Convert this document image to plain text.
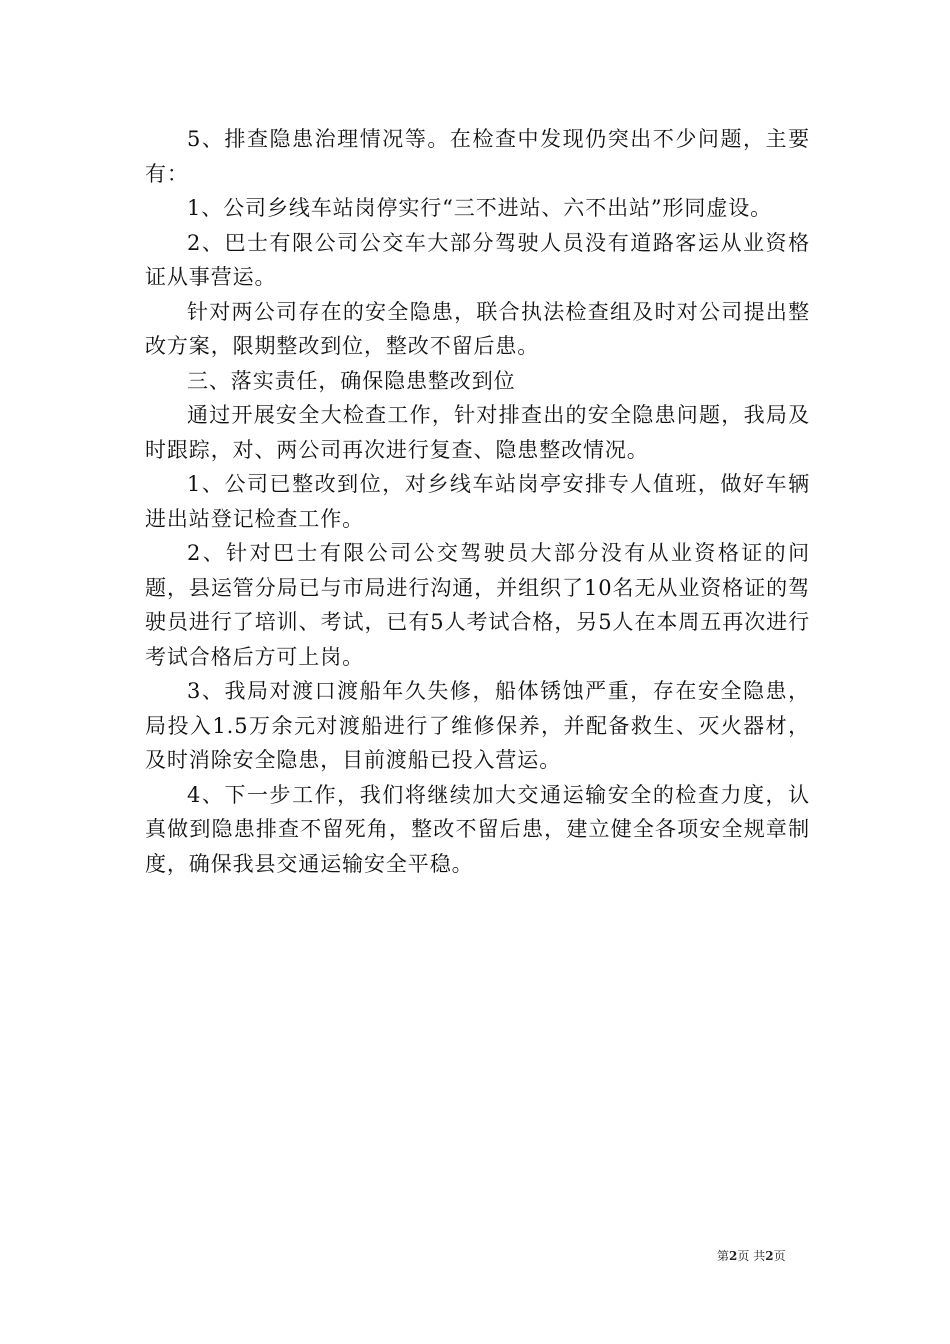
5、排查隐患治理情况等。在检查中发现仍突出不少问题，主要有：

1、公司乡线车站岗停实行“三不进站、六不出站”形同虚设。

2、巴士有限公司公交车大部分驾驶人员没有道路客运从业资格证从事营运。

针对两公司存在的安全隐患，联合执法检查组及时对公司提出整改方案，限期整改到位，整改不留后患。

三、落实责任，确保隐患整改到位

通过开展安全大检查工作，针对排查出的安全隐患问题，我局及时跟踪，对、两公司再次进行复查、隐患整改情况。

1、公司已整改到位，对乡线车站岗亭安排专人值班，做好车辆进出站登记检查工作。

2、针对巴士有限公司公交驾驶员大部分没有从业资格证的问题，县运管分局已与市局进行沟通，并组织了10名无从业资格证的驾驶员进行了培训、考试，已有5人考试合格，另5人在本周五再次进行考试合格后方可上岗。

3、我局对渡口渡船年久失修，船体锈蚀严重，存在安全隐患，局投入1.5万余元对渡船进行了维修保养，并配备救生、灭火器材，及时消除安全隐患，目前渡船已投入营运。

4、下一步工作，我们将继续加大交通运输安全的检查力度，认真做到隐患排查不留死角，整改不留后患，建立健全各项安全规章制度，确保我县交通运输安全平稳。

第2页 共2页
